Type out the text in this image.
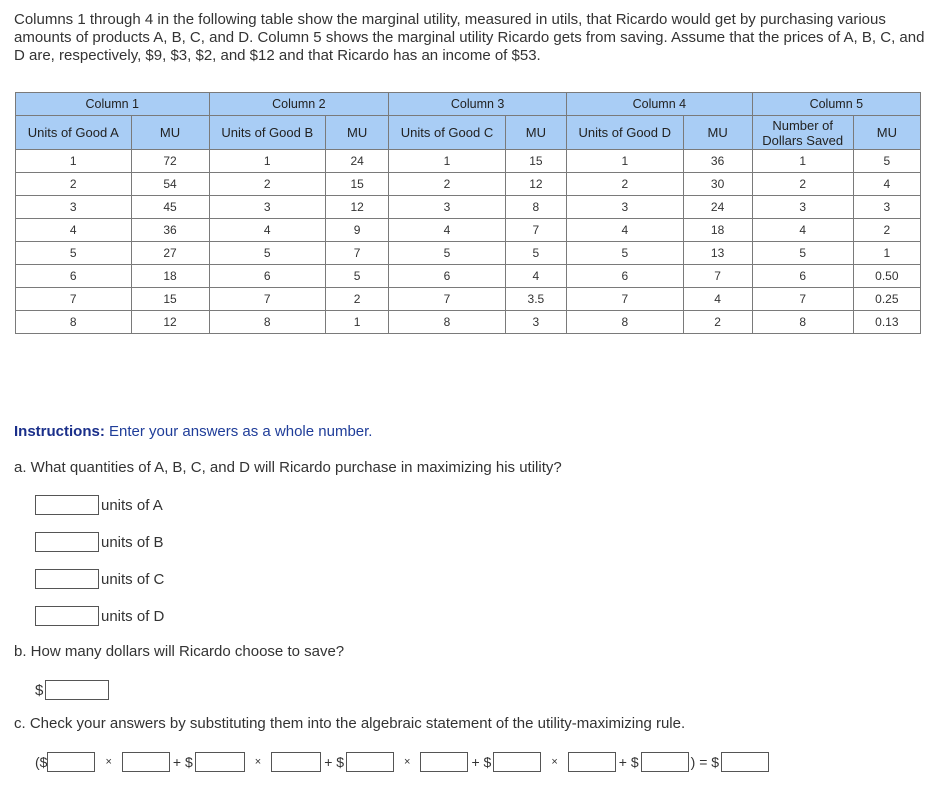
Columns 1 through 4 in the following table show the marginal utility, measured in utils, that Ricardo would get by purchasing various amounts of products A, B, C, and D. Column 5 shows the marginal utility Ricardo gets from saving. Assume that the prices of A, B, C, and D are, respectively, $9, $3, $2, and $12 and that Ricardo has an income of $53.
Column 1		Column 2		Column 3		Column 4		Column 5	
Units of Good A	MU	Units of Good B	MU	Units of Good C	MU	Units of Good D	MU	Number of Dollars Saved	MU
1	72	1	24	1	15	1	36	1	5
2	54	2	15	2	12	2	30	2	4
3	45	3	12	3	8	3	24	3	3
4	36	4	9	4	7	4	18	4	2
5	27	5	7	5	5	5	13	5	1
6	18	6	5	6	4	6	7	6	0.50
7	15	7	2	7	3.5	7	4	7	0.25
8	12	8	1	8	3	8	2	8	0.13
Instructions: Enter your answers as a whole number.
a. What quantities of A, B, C, and D will Ricardo purchase in maximizing his utility?
units of A
units of B
units of C
units of D
b. How many dollars will Ricardo choose to save?
$
c. Check your answers by substituting them into the algebraic statement of the utility-maximizing rule.
($	×	+ $	×	+ $	×	+ $	×	+ $	) = $
